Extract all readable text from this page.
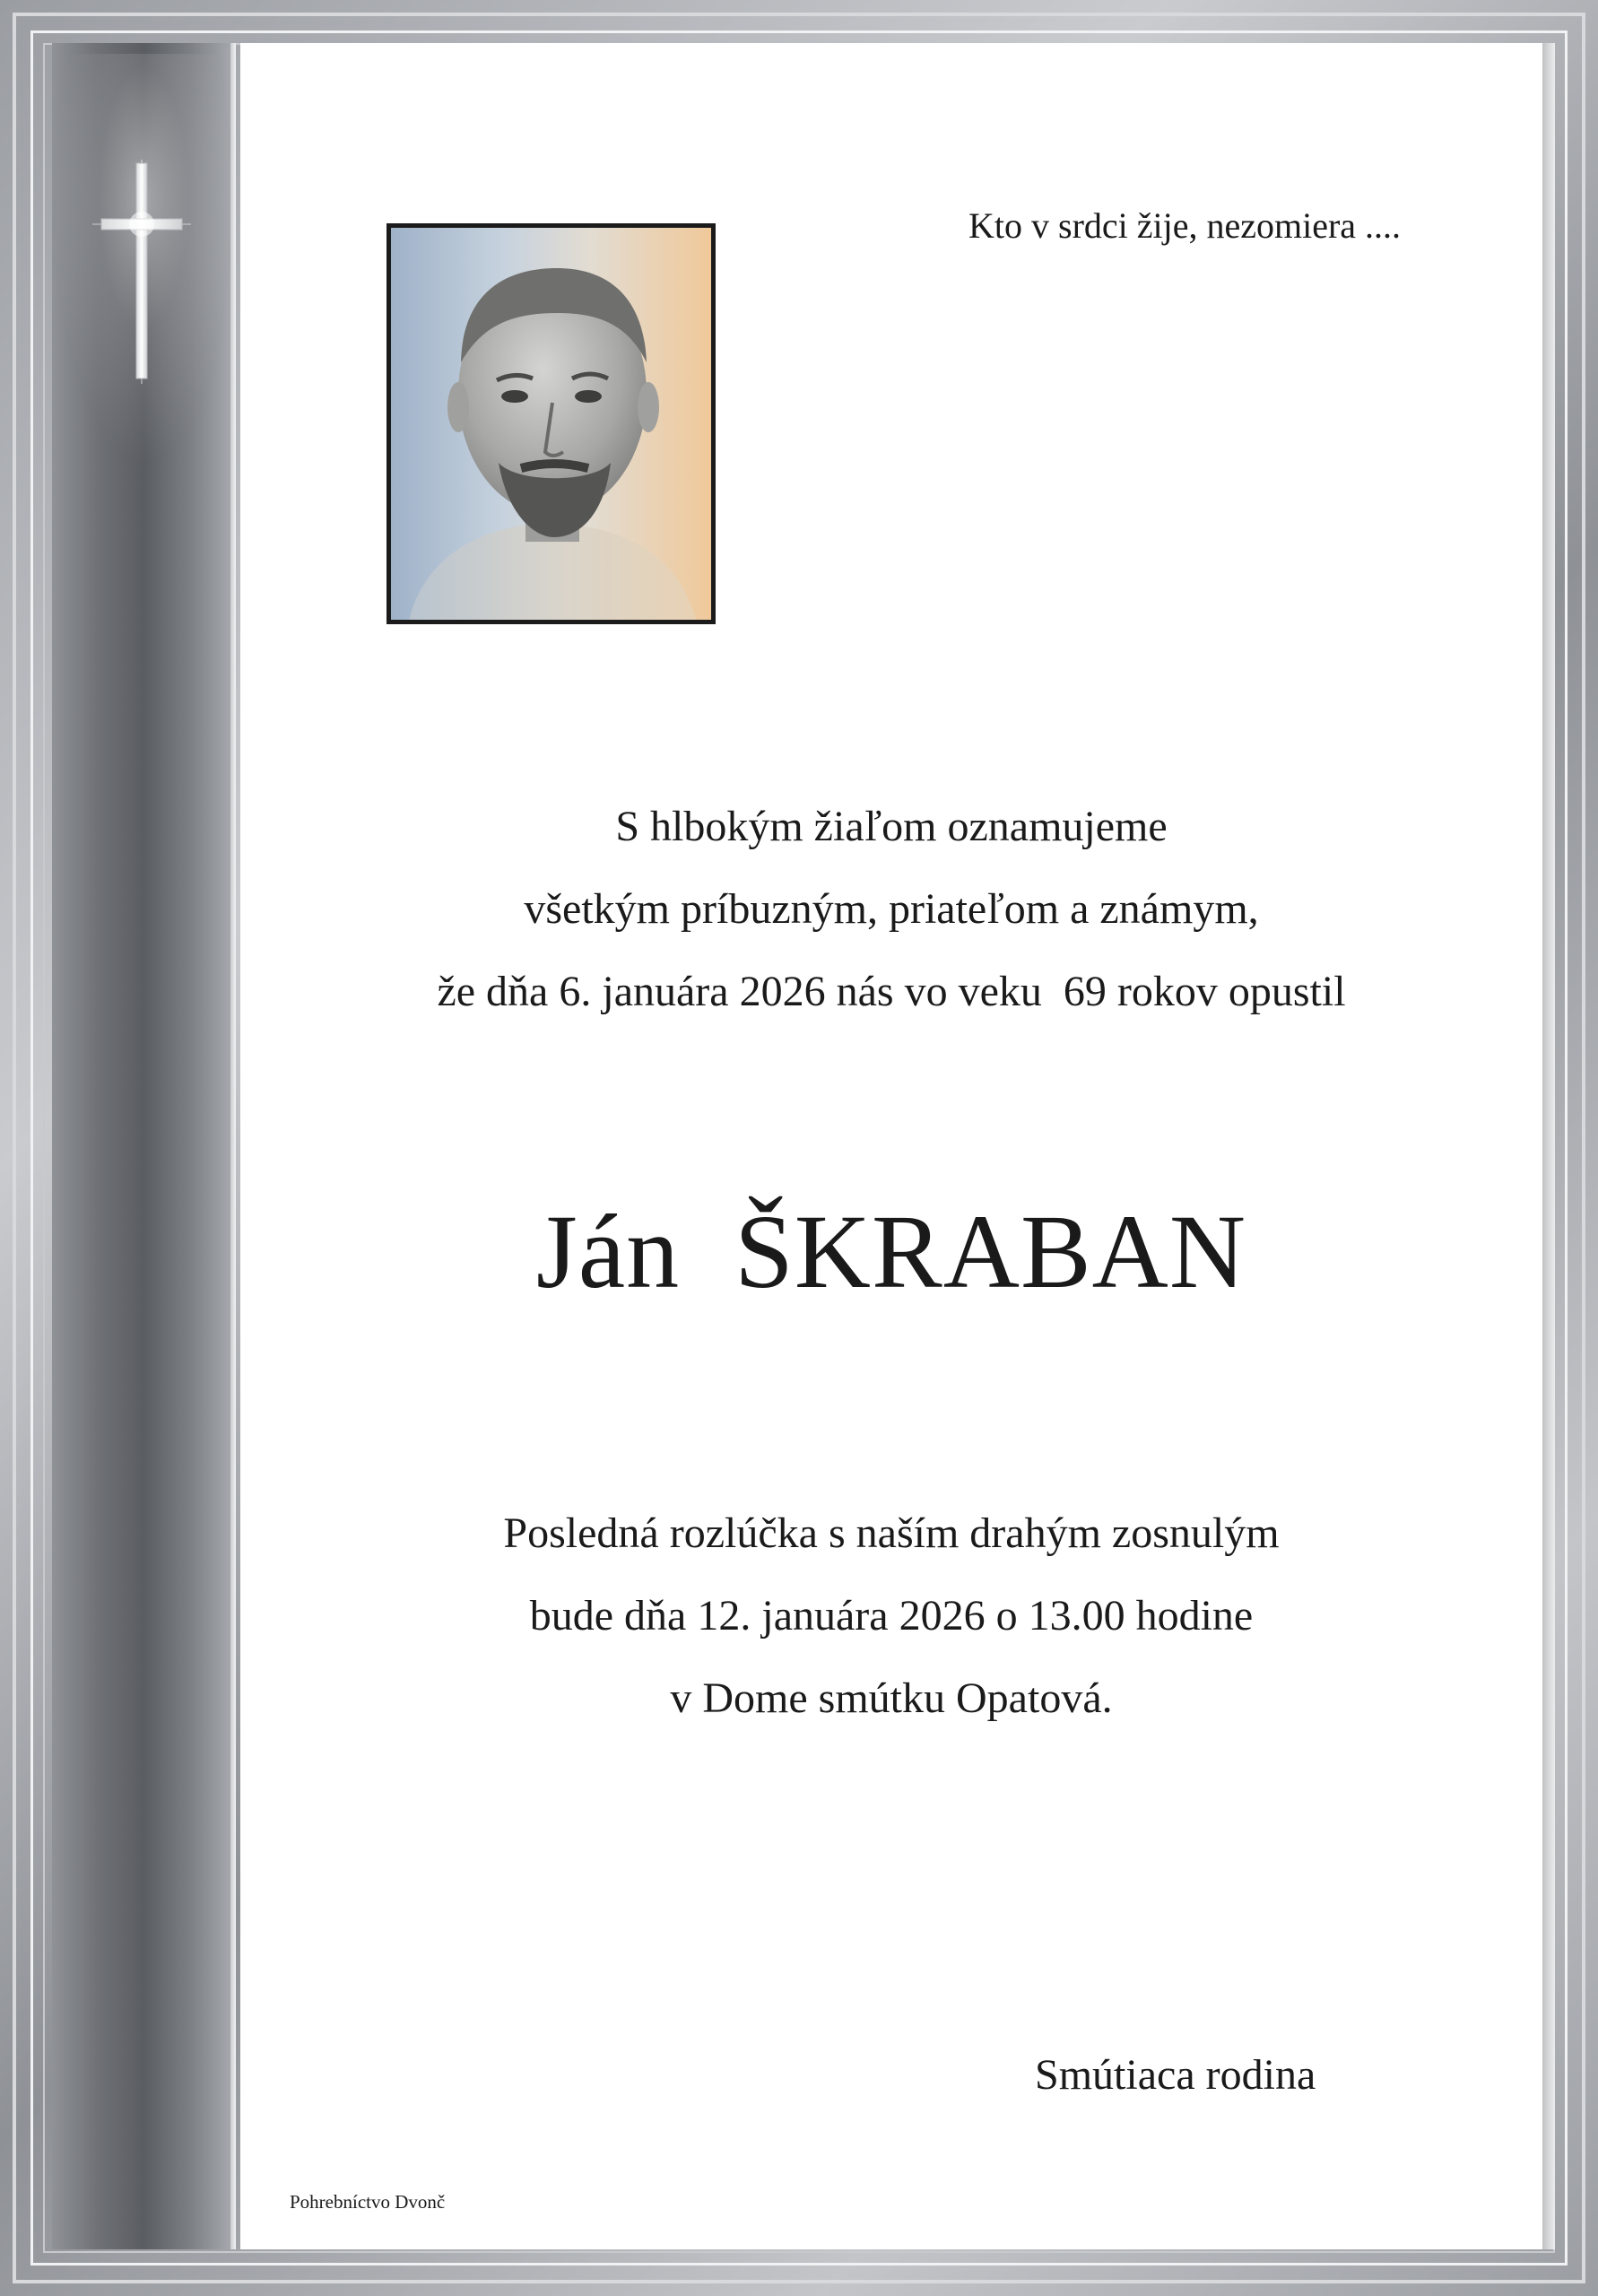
Kto v srdci žije, nezomiera ....
S hlbokým žiaľom oznamujeme
všetkým príbuzným, priateľom a známym,
že dňa 6. januára 2026 nás vo veku  69 rokov opustil
Ján  ŠKRABAN
Posledná rozlúčka s naším drahým zosnulým
bude dňa 12. januára 2026 o 13.00 hodine
v Dome smútku Opatová.
Smútiaca rodina
Pohrebníctvo Dvonč
